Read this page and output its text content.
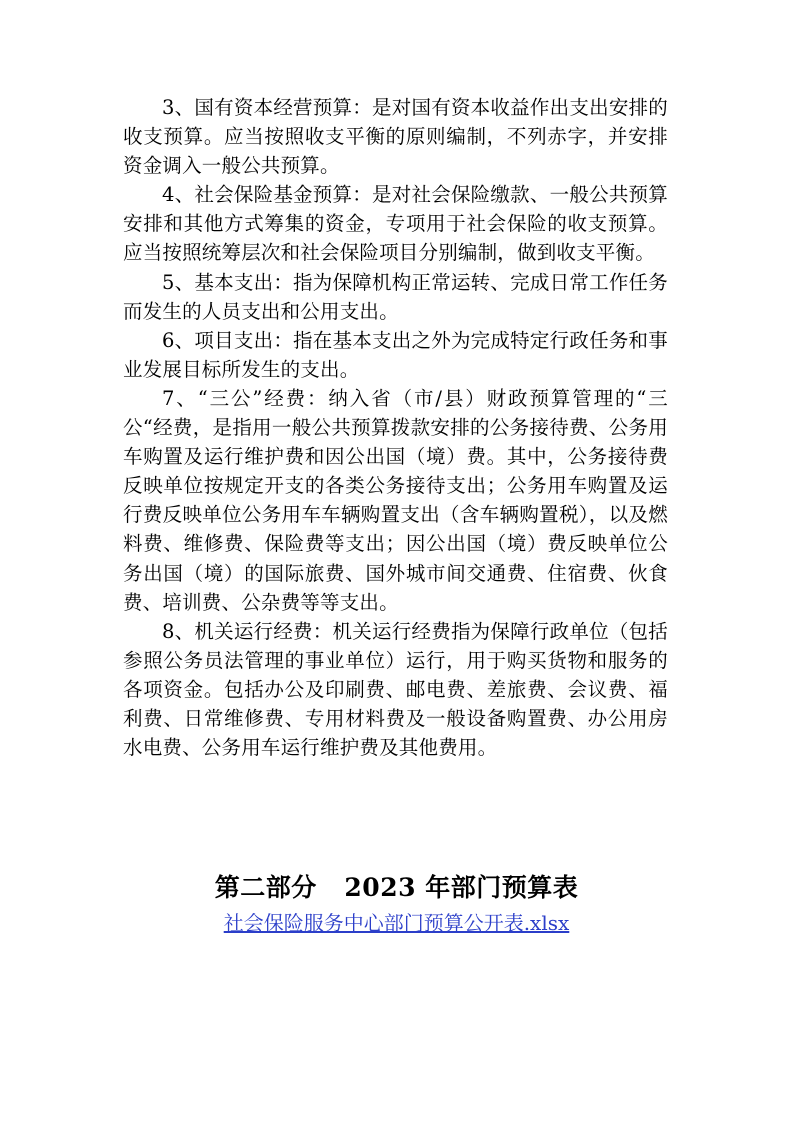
3、国有资本经营预算：是对国有资本收益作出支出安排的收支预算。应当按照收支平衡的原则编制，不列赤字，并安排资金调入一般公共预算。

4、社会保险基金预算：是对社会保险缴款、一般公共预算安排和其他方式筹集的资金，专项用于社会保险的收支预算。应当按照统筹层次和社会保险项目分别编制，做到收支平衡。

5、基本支出：指为保障机构正常运转、完成日常工作任务而发生的人员支出和公用支出。

6、项目支出：指在基本支出之外为完成特定行政任务和事业发展目标所发生的支出。

7、“三公”经费：纳入省（市/县）财政预算管理的“三公“经费，是指用一般公共预算拨款安排的公务接待费、公务用车购置及运行维护费和因公出国（境）费。其中，公务接待费反映单位按规定开支的各类公务接待支出；公务用车购置及运行费反映单位公务用车车辆购置支出（含车辆购置税），以及燃料费、维修费、保险费等支出；因公出国（境）费反映单位公务出国（境）的国际旅费、国外城市间交通费、住宿费、伙食费、培训费、公杂费等等支出。

8、机关运行经费：机关运行经费指为保障行政单位（包括参照公务员法管理的事业单位）运行，用于购买货物和服务的各项资金。包括办公及印刷费、邮电费、差旅费、会议费、福利费、日常维修费、专用材料费及一般设备购置费、办公用房水电费、公务用车运行维护费及其他费用。

第二部分   2023 年部门预算表
社会保险服务中心部门预算公开表.xlsx
